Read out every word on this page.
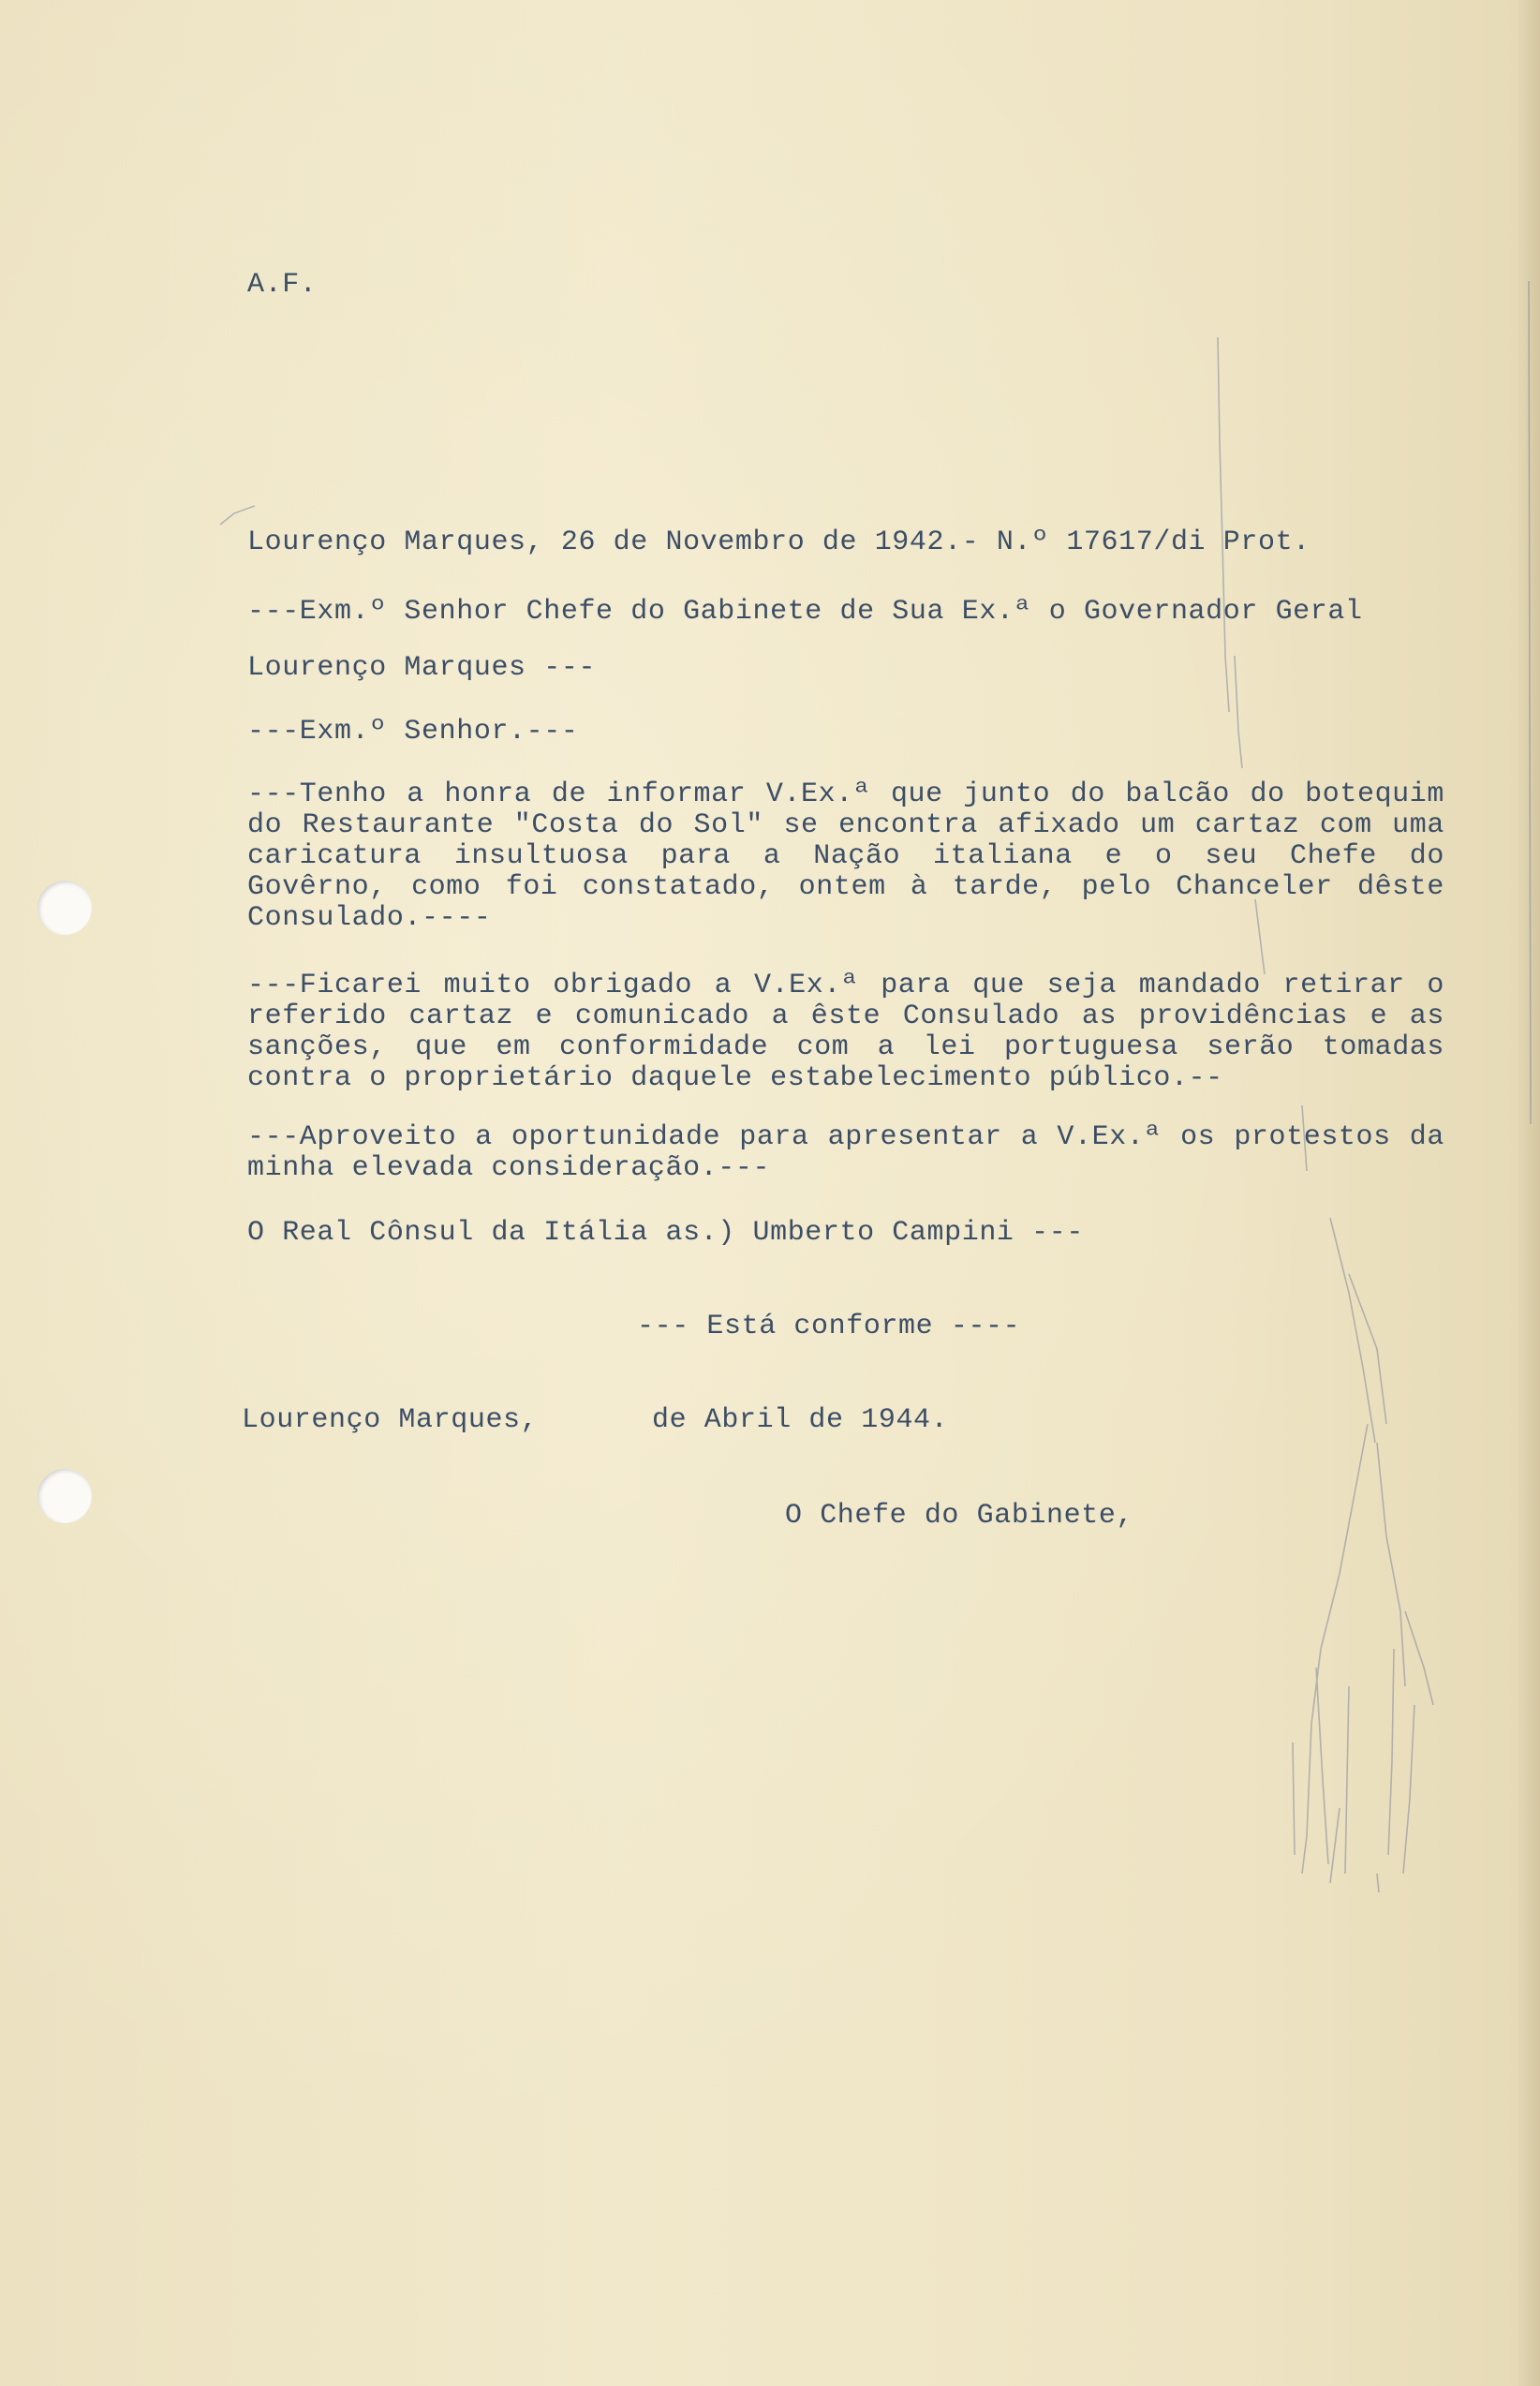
A.F.

Lourenço Marques, 26 de Novembro de 1942.- N.º 17617/di Prot.

---Exm.º Senhor Chefe do Gabinete de Sua Ex.ª o Governador Geral

Lourenço Marques ---

---Exm.º Senhor.---

---Tenho a honra de informar V.Ex.ª que junto do balcão do botequim do Restaurante "Costa do Sol" se encontra afixado um cartaz com uma caricatura insultuosa para a Nação italiana e o seu Chefe do Govêrno, como foi constatado, ontem à tarde, pelo Chanceler dêste Consulado.----

---Ficarei muito obrigado a V.Ex.ª para que seja mandado retirar o referido cartaz e comunicado a êste Consulado as providências e as sanções, que em conformidade com a lei portuguesa serão tomadas contra o proprietário daquele estabelecimento público.--

---Aproveito a oportunidade para apresentar a V.Ex.ª os protestos da minha elevada consideração.---

O Real Cônsul da Itália as.) Umberto Campini ---

--- Está conforme ----

Lourenço Marques,	de Abril de 1944.

O Chefe do Gabinete,
